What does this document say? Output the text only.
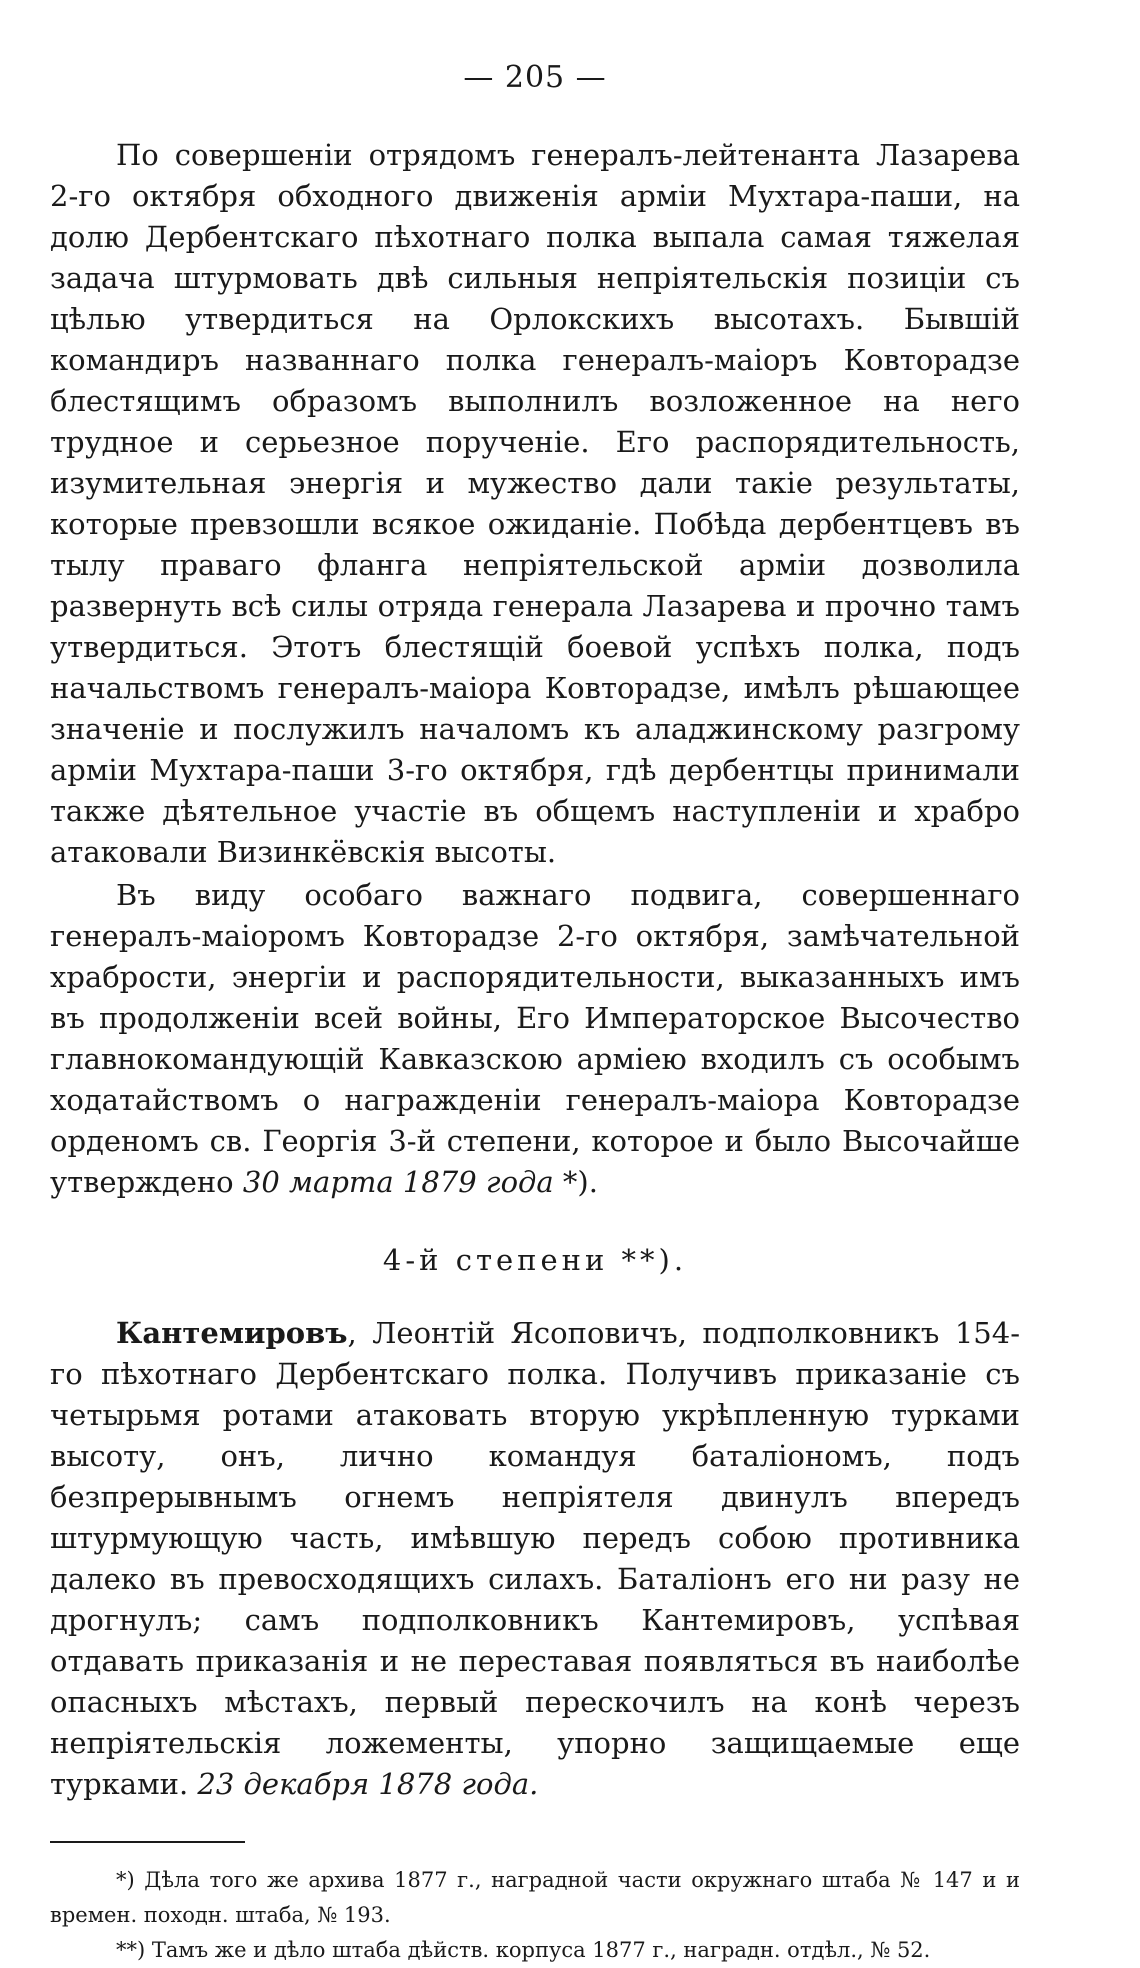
— 205 —

По совершеніи отрядомъ генералъ-лейтенанта Лазарева 2-го октября обходного движенія арміи Мухтара-паши, на долю Дербентскаго пѣхотнаго полка выпала самая тяжелая задача штурмовать двѣ сильныя непріятельскія позиціи съ цѣлью утвердиться на Орлокскихъ высотахъ. Бывшій командиръ названнаго полка генералъ-маіоръ Ковторадзе блестящимъ образомъ выполнилъ возложенное на него трудное и серьезное порученіе. Его распорядительность, изумительная энергія и мужество дали такіе результаты, которые превзошли всякое ожиданіе. Побѣда дербентцевъ въ тылу праваго фланга непріятельской арміи дозволила развернуть всѣ силы отряда генерала Лазарева и прочно тамъ утвердиться. Этотъ блестящій боевой успѣхъ полка, подъ начальствомъ генералъ-маіора Ковторадзе, имѣлъ рѣшающее значеніе и послужилъ началомъ къ аладжинскому разгрому арміи Мухтара-паши 3-го октября, гдѣ дербентцы принимали также дѣятельное участіе въ общемъ наступленіи и храбро атаковали Визинкёвскія высоты.

Въ виду особаго важнаго подвига, совершеннаго генералъ-маіоромъ Ковторадзе 2-го октября, замѣчательной храбрости, энергіи и распорядительности, выказанныхъ имъ въ продолженіи всей войны, Его Императорское Высочество главнокомандующій Кавказскою арміею входилъ съ особымъ ходатайствомъ о награжденіи генералъ-маіора Ковторадзе орденомъ св. Георгія 3-й степени, которое и было Высочайше утверждено 30 марта 1879 года *).

4-й степени **).

Кантемировъ, Леонтій Ясоповичъ, подполковникъ 154-го пѣхотнаго Дербентскаго полка. Получивъ приказаніе съ четырьмя ротами атаковать вторую укрѣпленную турками высоту, онъ, лично командуя баталіономъ, подъ безпрерывнымъ огнемъ непріятеля двинулъ впередъ штурмующую часть, имѣвшую передъ собою противника далеко въ превосходящихъ силахъ. Баталіонъ его ни разу не дрогнулъ; самъ подполковникъ Кантемировъ, успѣвая отдавать приказанія и не переставая появляться въ наиболѣе опасныхъ мѣстахъ, первый перескочилъ на конѣ черезъ непріятельскія ложементы, упорно защищаемые еще турками. 23 декабря 1878 года.

*) Дѣла того же архива 1877 г., наградной части окружнаго штаба № 147 и и времен. походн. штаба, № 193.

**) Тамъ же и дѣло штаба дѣйств. корпуса 1877 г., наградн. отдѣл., № 52.
